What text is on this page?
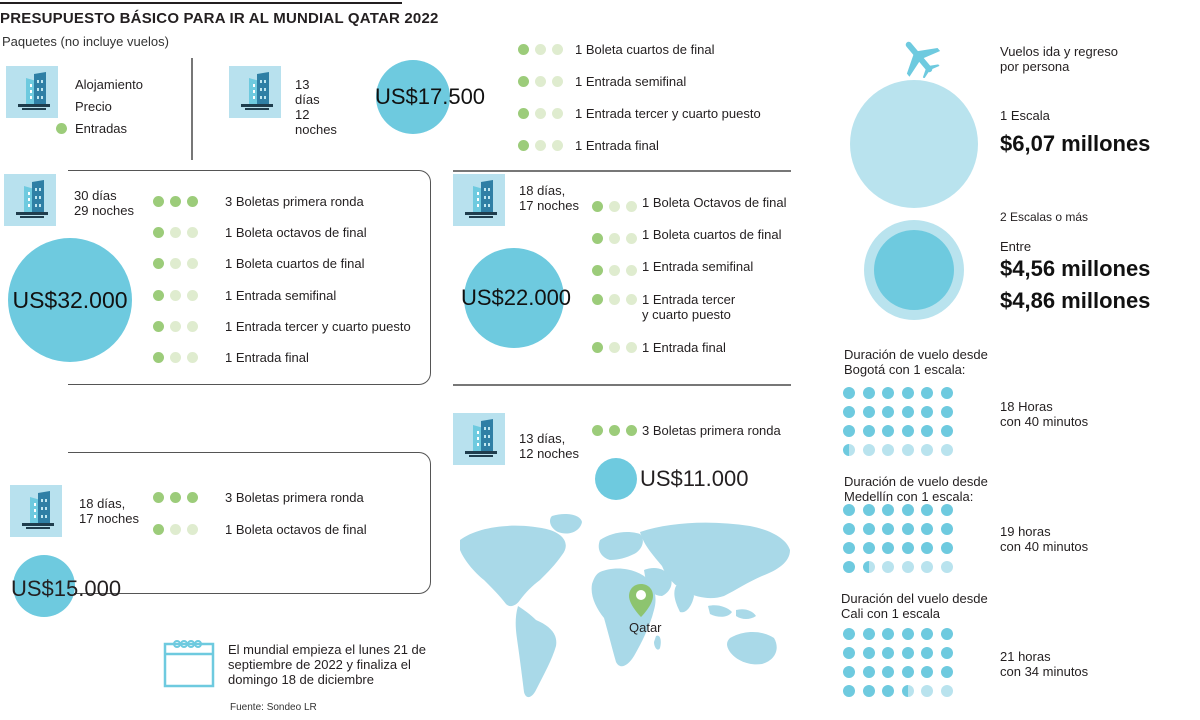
PRESUPUESTO BÁSICO PARA IR AL MUNDIAL QATAR 2022
Paquetes (no incluye vuelos)
Alojamiento
Precio
Entradas
13 días
12 noches
US$17.500
1 Boleta cuartos de final
1 Entrada semifinal
1 Entrada tercer y cuarto puesto
1 Entrada final
30 días
29 noches
US$32.000
3 Boletas primera ronda
1 Boleta octavos de final
1 Boleta cuartos de final
1 Entrada semifinal
1 Entrada tercer y cuarto puesto
1 Entrada final
18 días,
17 noches
US$22.000
1 Boleta Octavos de final
1 Boleta cuartos de final
1 Entrada semifinal
1 Entrada tercer
y cuarto puesto
1 Entrada final
13 días,
12 noches
3 Boletas primera ronda
US$11.000
18 días,
17 noches
US$15.000
3 Boletas primera ronda
1 Boleta octavos de final
Qatar
El mundial empieza el lunes 21 de septiembre de 2022 y finaliza el domingo 18 de diciembre
Fuente: Sondeo LR
Vuelos ida y regreso
por persona
1 Escala
$6,07 millones
2 Escalas o más
Entre
$4,56 millones
$4,86 millones
Duración de vuelo desde
Bogotá con 1 escala:
18 Horas
con 40 minutos
Duración de vuelo desde
Medellín con 1 escala:
19 horas
con 40 minutos
Duración del vuelo desde
Cali con 1 escala
21 horas
con 34 minutos
